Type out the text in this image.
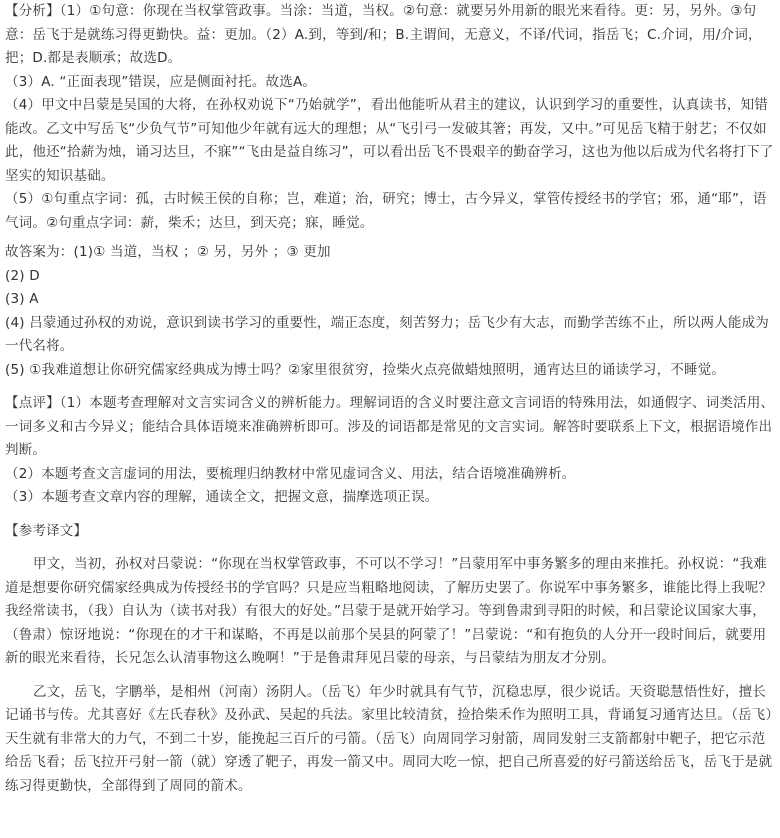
【分析】（1）①句意：你现在当权掌管政事。当涂：当道，当权。②句意：就要另外用新的眼光来看待。更：另，另外。③句意：岳飞于是就练习得更勤快。益：更加。（2）A.到，等到/和；B.主谓间，无意义，不译/代词，指岳飞；C.介词，用/介词，把；D.都是表顺承；故选D。

（3）A. “正面表现”错误，应是侧面衬托。故选A。

（4）甲文中吕蒙是吴国的大将，在孙权劝说下“乃始就学”，看出他能听从君主的建议，认识到学习的重要性，认真读书，知错能改。乙文中写岳飞“少负气节”可知他少年就有远大的理想；从“飞引弓一发破其箸；再发，又中。”可见岳飞精于射艺；不仅如此，他还“拾薪为烛，诵习达旦，不寐”“飞由是益自练习”，可以看出岳飞不畏艰辛的勤奋学习，这也为他以后成为代名将打下了坚实的知识基础。

（5）①句重点字词：孤，古时候王侯的自称；岂，难道；治，研究；博士，古今异义，掌管传授经书的学官；邪，通“耶”，语气词。②句重点字词：薪，柴禾；达旦，到天亮；寐，睡觉。

故答案为：(1)① 当道，当权 ；② 另，另外 ；③ 更加

(2) D

(3) A

(4) 吕蒙通过孙权的劝说，意识到读书学习的重要性，端正态度，刻苦努力；岳飞少有大志，而勤学苦练不止，所以两人能成为一代名将。

(5) ①我难道想让你研究儒家经典成为博士吗？②家里很贫穷，捡柴火点亮做蜡烛照明，通宵达旦的诵读学习，不睡觉。

【点评】（1）本题考查理解对文言实词含义的辨析能力。理解词语的含义时要注意文言词语的特殊用法，如通假字、词类活用、一词多义和古今异义；能结合具体语境来准确辨析即可。涉及的词语都是常见的文言实词。解答时要联系上下文，根据语境作出判断。

（2）本题考查文言虚词的用法，要梳理归纳教材中常见虚词含义、用法，结合语境准确辨析。

（3）本题考查文章内容的理解，通读全文，把握文意，揣摩选项正误。

【参考译文】

甲文，当初，孙权对吕蒙说：“你现在当权掌管政事，不可以不学习！”吕蒙用军中事务繁多的理由来推托。孙权说：“我难道是想要你研究儒家经典成为传授经书的学官吗？只是应当粗略地阅读，了解历史罢了。你说军中事务繁多，谁能比得上我呢？我经常读书，（我）自认为（读书对我）有很大的好处。”吕蒙于是就开始学习。等到鲁肃到寻阳的时候，和吕蒙论议国家大事，（鲁肃）惊讶地说：“你现在的才干和谋略，不再是以前那个吴县的阿蒙了！”吕蒙说：“和有抱负的人分开一段时间后，就要用新的眼光来看待，长兄怎么认清事物这么晚啊！”于是鲁肃拜见吕蒙的母亲，与吕蒙结为朋友才分别。

乙文，岳飞，字鹏举，是相州（河南）汤阴人。（岳飞）年少时就具有气节，沉稳忠厚，很少说话。天资聪慧悟性好，擅长记诵书与传。尤其喜好《左氏春秋》及孙武、吴起的兵法。家里比较清贫，捡拾柴禾作为照明工具，背诵复习通宵达旦。（岳飞）天生就有非常大的力气，不到二十岁，能挽起三百斤的弓箭。（岳飞）向周同学习射箭，周同发射三支箭都射中靶子，把它示范给岳飞看；岳飞拉开弓射一箭（就）穿透了靶子，再发一箭又中。周同大吃一惊，把自己所喜爱的好弓箭送给岳飞，岳飞于是就练习得更勤快，全部得到了周同的箭术。
